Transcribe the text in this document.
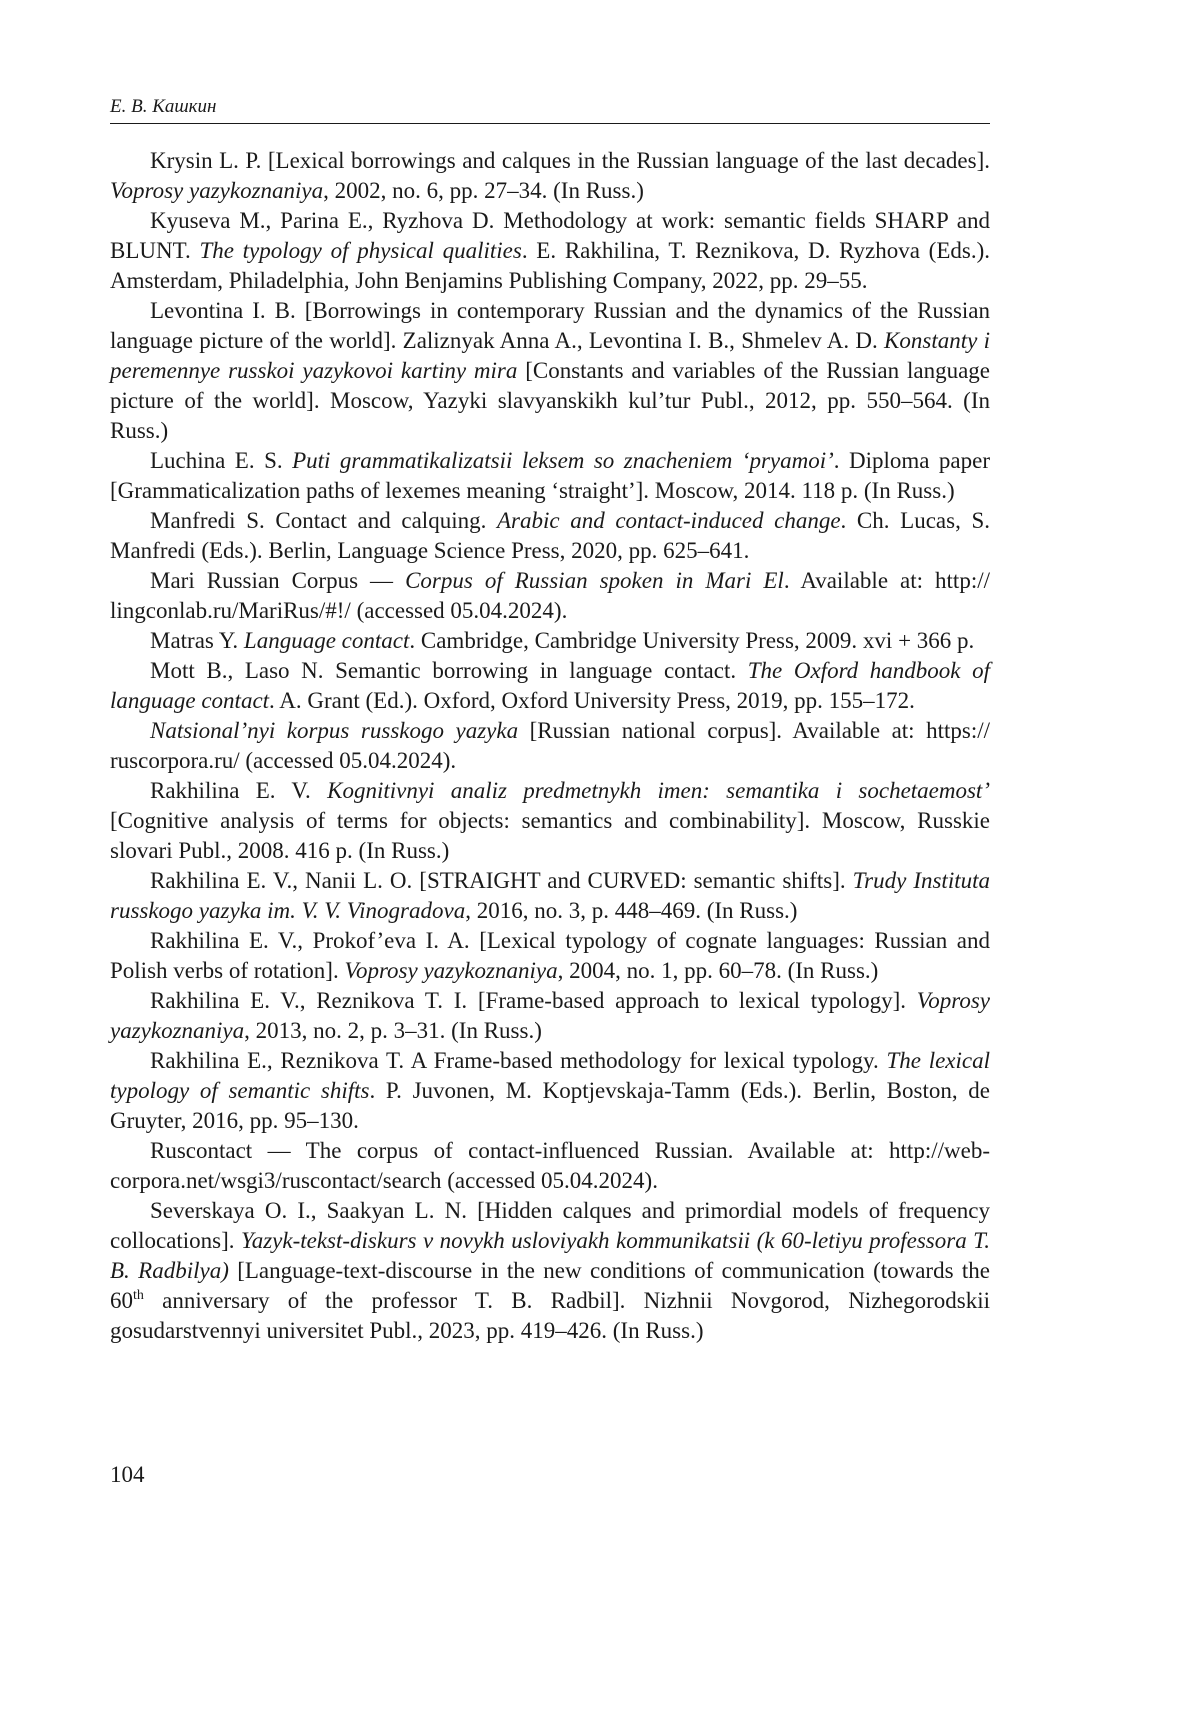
Е. В. Кашкин

Krysin L. P. [Lexical borrowings and calques in the Russian language of the last decades]. Voprosy yazykoznaniya, 2002, no. 6, pp. 27–34. (In Russ.)

Kyuseva M., Parina E., Ryzhova D. Methodology at work: semantic fields SHARP and BLUNT. The typology of physical qualities. E. Rakhilina, T. Reznikova, D. Ryzhova (Eds.). Amsterdam, Philadelphia, John Benjamins Publishing Company, 2022, pp. 29–55.

Levontina I. B. [Borrowings in contemporary Russian and the dynamics of the Russian language picture of the world]. Zaliznyak Anna A., Levontina I. B., Shmelev A. D. Konstanty i peremennye russkoi yazykovoi kartiny mira [Constants and variables of the Russian language picture of the world]. Moscow, Yazyki slavyanskikh kul’tur Publ., 2012, pp. 550–564. (In Russ.)

Luchina E. S. Puti grammatikalizatsii leksem so znacheniem ‘pryamoi’. Diploma paper [Grammaticalization paths of lexemes meaning ‘straight’]. Moscow, 2014. 118 p. (In Russ.)

Manfredi S. Contact and calquing. Arabic and contact-induced change. Ch. Lucas, S. Manfredi (Eds.). Berlin, Language Science Press, 2020, pp. 625–641.

Mari Russian Corpus — Corpus of Russian spoken in Mari El. Available at: http:// lingconlab.ru/MariRus/#!/ (accessed 05.04.2024).

Matras Y. Language contact. Cambridge, Cambridge University Press, 2009. xvi + 366 p.

Mott B., Laso N. Semantic borrowing in language contact. The Oxford handbook of language contact. A. Grant (Ed.). Oxford, Oxford University Press, 2019, pp. 155–172.

Natsional’nyi korpus russkogo yazyka [Russian national corpus]. Available at: https:// ruscorpora.ru/ (accessed 05.04.2024).

Rakhilina E. V. Kognitivnyi analiz predmetnykh imen: semantika i sochetaemost’ [Cognitive analysis of terms for objects: semantics and combinability]. Moscow, Russkie slovari Publ., 2008. 416 p. (In Russ.)

Rakhilina E. V., Nanii L. O. [STRAIGHT and CURVED: semantic shifts]. Trudy Instituta russkogo yazyka im. V. V. Vinogradova, 2016, no. 3, p. 448–469. (In Russ.)

Rakhilina E. V., Prokof’eva I. A. [Lexical typology of cognate languages: Russian and Polish verbs of rotation]. Voprosy yazykoznaniya, 2004, no. 1, pp. 60–78. (In Russ.)

Rakhilina E. V., Reznikova T. I. [Frame-based approach to lexical typology]. Voprosy yazykoznaniya, 2013, no. 2, p. 3–31. (In Russ.)

Rakhilina E., Reznikova T. A Frame-based methodology for lexical typology. The lexical typology of semantic shifts. P. Juvonen, M. Koptjevskaja-Tamm (Eds.). Berlin, Boston, de Gruyter, 2016, pp. 95–130.

Ruscontact — The corpus of contact-influenced Russian. Available at: http://webcorpora.net/wsgi3/ruscontact/search (accessed 05.04.2024).

Severskaya O. I., Saakyan L. N. [Hidden calques and primordial models of frequency collocations]. Yazyk-tekst-diskurs v novykh usloviyakh kommunikatsii (k 60-letiyu professora T. B. Radbilya) [Language-text-discourse in the new conditions of communication (towards the 60th anniversary of the professor T. B. Radbil]. Nizhnii Novgorod, Nizhegorodskii gosudarstvennyi universitet Publ., 2023, pp. 419–426. (In Russ.)

104
